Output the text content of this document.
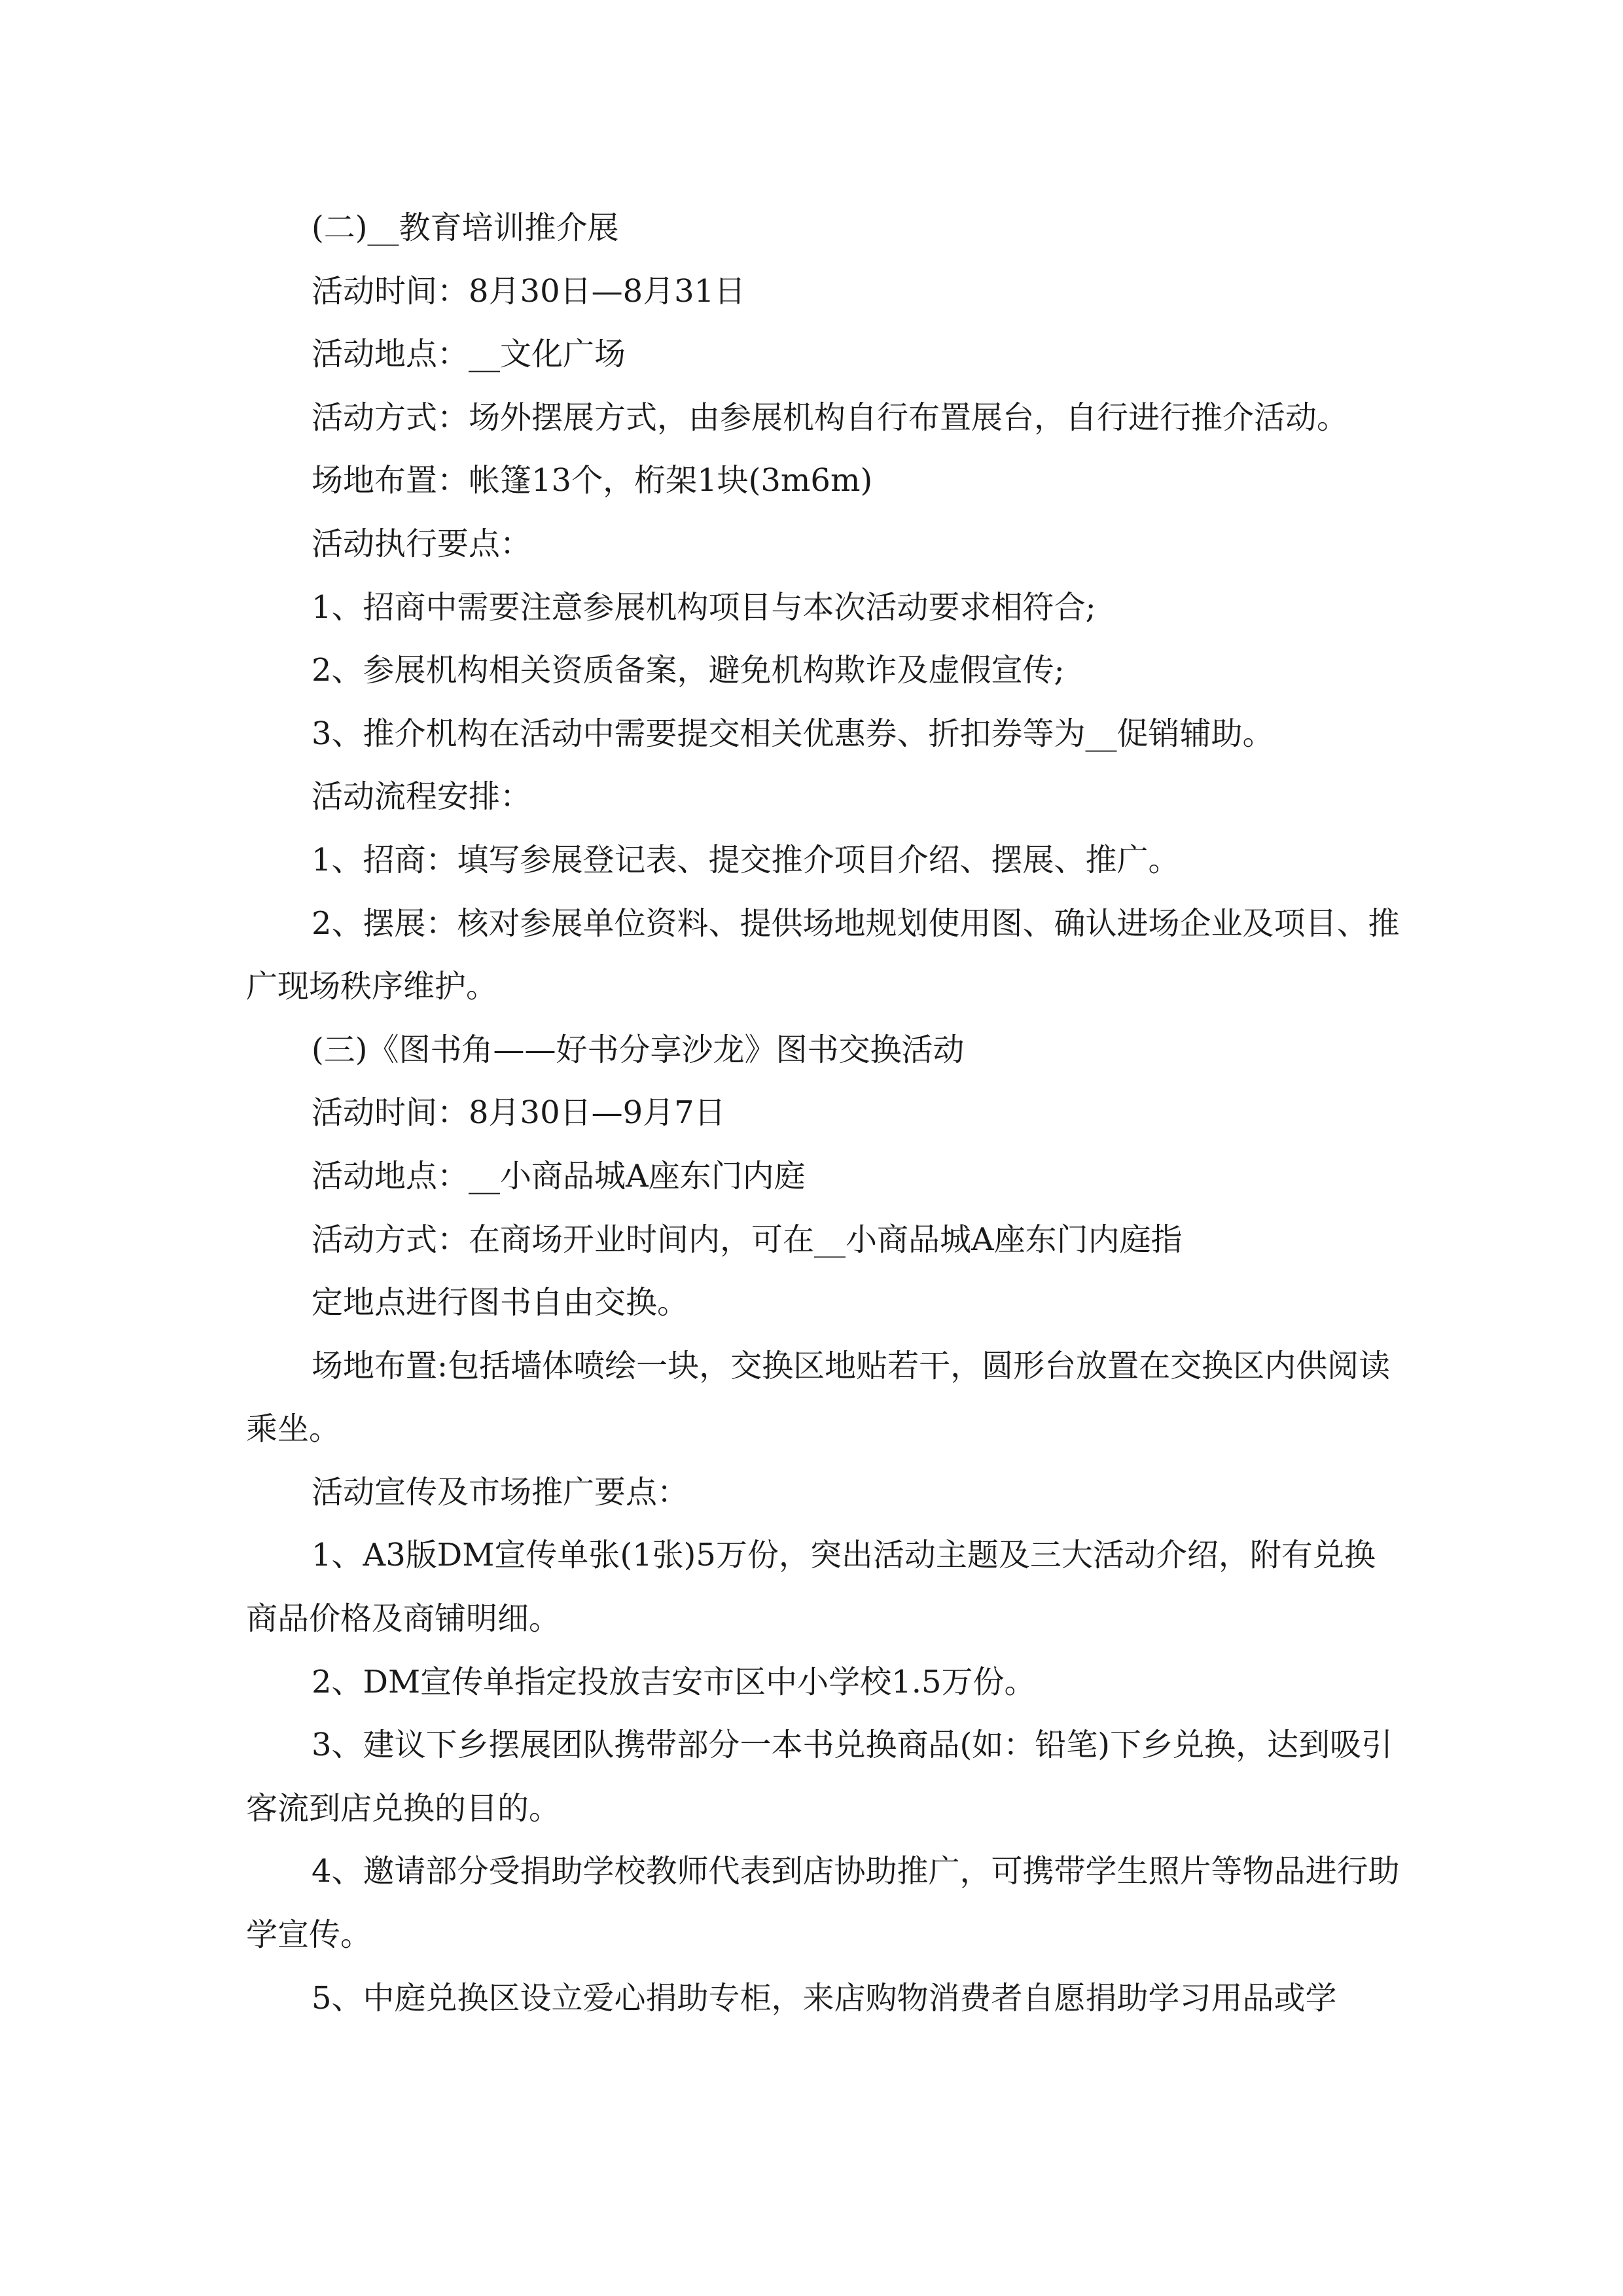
(二)__教育培训推介展

活动时间：8月30日—8月31日

活动地点：__文化广场

活动方式：场外摆展方式，由参展机构自行布置展台，自行进行推介活动。

场地布置：帐篷13个，桁架1块(3m6m)

活动执行要点：

1、招商中需要注意参展机构项目与本次活动要求相符合;

2、参展机构相关资质备案，避免机构欺诈及虚假宣传;

3、推介机构在活动中需要提交相关优惠券、折扣券等为__促销辅助。

活动流程安排：

1、招商：填写参展登记表、提交推介项目介绍、摆展、推广。

2、摆展：核对参展单位资料、提供场地规划使用图、确认进场企业及项目、推广现场秩序维护。

(三)《图书角——好书分享沙龙》图书交换活动

活动时间：8月30日—9月7日

活动地点：__小商品城A座东门内庭

活动方式：在商场开业时间内，可在__小商品城A座东门内庭指

定地点进行图书自由交换。

场地布置:包括墙体喷绘一块，交换区地贴若干，圆形台放置在交换区内供阅读乘坐。

活动宣传及市场推广要点：

1、A3版DM宣传单张(1张)5万份，突出活动主题及三大活动介绍，附有兑换商品价格及商铺明细。

2、DM宣传单指定投放吉安市区中小学校1.5万份。

3、建议下乡摆展团队携带部分一本书兑换商品(如：铅笔)下乡兑换，达到吸引客流到店兑换的目的。

4、邀请部分受捐助学校教师代表到店协助推广，可携带学生照片等物品进行助学宣传。

5、中庭兑换区设立爱心捐助专柜，来店购物消费者自愿捐助学习用品或学
